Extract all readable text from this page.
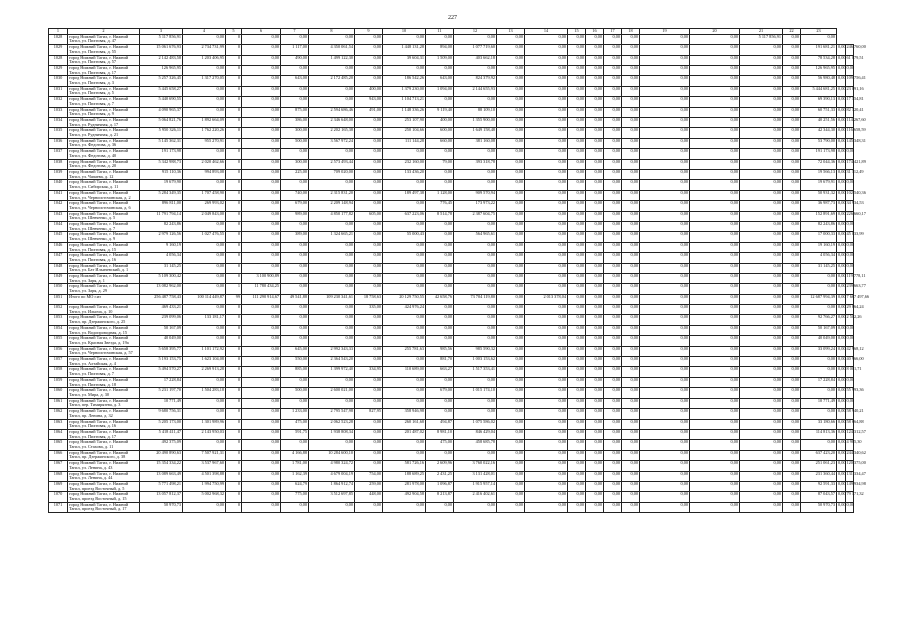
227
1	2	3	4	5	6	7	8	9	10	11	12	13	14	15	16	17	18	19	20	21	22	23		
1028	город Нижний Тагил, г. Нижний Тагил, ул. Пихтовая, д. 47	5 117 856,91	0,00	0	0,00	0,00	0,00	0,00	0,00	0,00	0,00	0,00	0,00	0,00	0,00	0,00	0,00	0,00	0,00	5 117 856,91	0,00	0,00		
1029	город Нижний Тагил, г. Нижний Тагил, ул. Пихтовая, д. 55	15 061 676,93	2 734 731,99	0	0,00	1 117,00	4 350 061,54	0,00	1 448 131,28	894,00	1 077 719,60	0,00	0,00	0,00	0,00	0,00	0,00	0,00	0,00	0,00	0,00	191 681,21	0,00	246 760,00
1028	город Нижний Тагил, г. Нижний Тагил, ул. Пихтовая, д. 57	2 142 483,58	1 203 406,95	0	0,00	490,00	1 499 122,30	0,00	39 604,31	1 509,00	403 662,18	0,00	0,00	0,00	0,00	0,00	0,00	0,00	0,00	0,00	0,00	78 534,28	0,00	61 079,51
1029	город Нижний Тагил, г. Нижний Тагил, ул. Пихтовая, д. 17	126 965,95	0,00	0	0,00	0,00	0,00	0,00	0,00	0,00	0,00	0,00	0,00	0,00	0,00	0,00	0,00	0,00	0,00	0,00	0,00	126 965,95	0,00	0,00
1030	город Нижний Тагил, г. Нижний Тагил, ул. Пихтовая, д. 3	5 257 326,45	1 317 270,05	0	0,00	643,00	2 172 485,20	0,00	186 542,26	643,00	824 379,92	0,00	0,00	0,00	0,00	0,00	0,00	0,00	0,00	0,00	0,00	56 980,48	0,00	109 756,41
1031	город Нижний Тагил, г. Нижний Тагил, ул. Пихтовая, д. 5	5 445 658,27	0,00	0	0,00	0,00	0,00	400,00	1 379 230,00	1 094,00	2 144 655,93	0,00	0,00	0,00	0,00	0,00	0,00	0,00	0,00	0,00	0,00	5 444 681,25	0,00	23 091,16
1032	город Нижний Тагил, г. Нижний Тагил, ул. Пихтовая, д. 7	5 440 690,55	0,00	0	0,00	0,00	0,00	943,00	1 104 713,21	0,00	0,00	0,00	0,00	0,00	0,00	0,00	0,00	0,00	0,00	0,00	0,00	69 390,13	0,00	17 154,81
1033	город Нижний Тагил, г. Нижний Тагил, ул. Пихтовая, д. 9	4 090 965,37	0,00	0	0,00	875,00	2 594 686,46	491,00	1 148 336,26	9 119,40	88 109,10	0,00	0,00	0,00	0,00	0,00	0,00	0,00	0,00	0,00	0,00	60 751,33	0,00	82 120,41
1034	город Нижний Тагил, г. Нижний Тагил, ул. Рудничная, д. 17	5 064 821,76	1 892 664,09	0	0,00	386,00	2 346 648,00	0,00	253 107,90	400,00	1 355 900,00	0,00	0,00	0,00	0,00	0,00	0,00	0,00	0,00	0,00	0,00	40 251,56	0,00	114 267,60
1035	город Нижний Тагил, г. Нижний Тагил, ул. Рудничная, д. 21	5 950 326,11	1 762 220,26	0	0,00	300,00	2 202 165,38	0,00	250 104,66	600,00	1 649 158,48	0,00	0,00	0,00	0,00	0,00	0,00	0,00	0,00	0,00	0,00	42 344,30	0,00	116 658,59
1036	город Нижний Тагил, г. Нижний Тагил, ул. Федотова, д. 36	5 145 362,31	955 270,91	0	0,00	500,00	3 567 972,24	0,00	111 144,28	660,00	381 160,08	0,00	0,00	0,00	0,00	0,00	0,00	0,00	0,00	0,00	0,00	53 790,00	0,00	145 348,31
1037	город Нижний Тагил, г. Нижний Тагил, ул. Федотова, д. 40	191 173,98	0,00	0	0,00	0,00	0,00	0,00	0,00	0,00	0,00	0,00	0,00	0,00	0,00	0,00	0,00	0,00	0,00	0,00	0,00	191 173,98	0,00	0,00
1038	город Нижний Тагил, г. Нижний Тагил, ул. Федотова, д. 20	5 342 988,73	2 020 462,66	0	0,00	300,00	2 573 493,44	0,00	232 160,00	79,00	393 318,78	0,00	0,00	0,00	0,00	0,00	0,00	0,00	0,00	0,00	0,00	72 044,36	0,00	174 421,89
1039	город Нижний Тагил, г. Нижний Тагил, ул. Чапаева, д. 12	915 110,36	994 893,08	0	0,00	225,00	709 020,00	0,00	133 436,20	0,00	0,00	0,00	0,00	0,00	0,00	0,00	0,00	0,00	0,00	0,00	0,00	19 566,13	0,00	31 112,49
1040	город Нижний Тагил, г. Нижний Тагил, ул. Сибирская, д. 11	19 679,90	0,00	0	0,00	0,00	0,00	0,00	0,00	0,00	0,00	0,00	0,00	0,00	0,00	0,00	0,00	0,00	0,00	0,00	0,00	19 679,91	0,00	0,00
1041	город Нижний Тагил, г. Нижний Тагил, ул. Черноисточинская, д. 2	5 284 349,35	1 707 458,90	0	0,00	740,00	2 315 831,20	0,00	189 497,38	1 128,00	909 570,94	0,00	0,00	0,00	0,00	0,00	0,00	0,00	0,00	0,00	0,00	50 931,32	0,00	102 540,36
1042	город Нижний Тагил, г. Нижний Тагил, ул. Черноисточинская, д. 6	896 811,00	269 993,02	0	0,00	679,00	2 209 148,94	0,00	0,00	776,45	173 973,22	0,00	0,00	0,00	0,00	0,00	0,00	0,00	0,00	0,00	0,00	36 987,73	0,00	34 934,53
1043	город Нижний Тагил, г. Нижний Тагил, ул. Шевченко, д. 5	11 791 794,14	2 049 843,00	0	0,00	989,00	4 850 177,82	605,00	637 223,06	8 514,78	2 387 604,75	0,00	0,00	0,00	0,00	0,00	0,00	0,00	0,00	0,00	0,00	152 891,69	0,00	226 660,17
1044	город Нижний Тагил, г. Нижний Тагил, ул. Шевченко, д. 7	82 243,86	0,00	0	0,00	0,00	0,00	0,00	0,00	0,00	0,00	0,00	0,00	0,00	0,00	0,00	0,00	0,00	0,00	0,00	0,00	82 243,86	0,00	0,00
1045	город Нижний Тагил, г. Нижний Тагил, ул. Шевченко, д. 9	2 979 126,56	1 027 476,55	0	0,00	389,00	1 324 665,21	0,00	55 000,43	0,00	564 965,61	0,00	0,00	0,00	0,00	0,00	0,00	0,00	0,00	0,00	0,00	17 000,33	0,00	45 033,99
1046	город Нижний Тагил, г. Нижний Тагил, ул. Пихтовая, д. 15	9 160,19	0,00	0	0,00	0,00	0,00	0,00	0,00	0,00	0,00	0,00	0,00	0,00	0,00	0,00	0,00	0,00	0,00	0,00	0,00	19 160,19	0,00	0,00
1047	город Нижний Тагил, г. Нижний Тагил, ул. Пихтовая, д. 16	4 056,34	0,00	0	0,00	0,00	0,00	0,00	0,00	0,00	0,00	0,00	0,00	0,00	0,00	0,00	0,00	0,00	0,00	0,00	0,00	4 056,34	0,00	0,00
1048	город Нижний Тагил, г. Нижний Тагил, ул. Бaт Ильичевский, д. 1	31 145,25	0,00	0	0,00	0,00	0,00	0,00	0,00	0,00	0,00	0,00	0,00	0,00	0,00	0,00	0,00	0,00	0,00	0,00	0,00	31 145,25	0,00	0,00
1049	город Нижний Тагил, г. Нижний Тагил, ул. Заря, д. 1	5 109 300,42	0,00	0	3 100 900,89	0,00	0,00	0,00	0,00	0,00	0,00	0,00	0,00	0,00	0,00	0,00	0,00	0,00	0,00	0,00	0,00	0,00	0,00	119 778,11
1050	город Нижний Тагил, г. Нижний Тагил, ул. Заря, д. 29	13 082 962,00	0,00	1	11 780 434,25	0,00	0,00	0,00	0,00	0,00	0,00	0,00	0,00	0,00	0,00	0,00	0,00	0,00	0,00	0,00	0,00	0,00	0,00	239 663,77
1051	Итого по МО г.из	256 487 758,43	100 114 449,87	99	111 290 914,67	49 541,88	109 230 341,61	18 758,63	20 129 750,55	42 658,76	73 704 119,80	0,00	2 013 378,04	0,00	0,00	0,00	0,00	0,00	0,00	0,00	0,00	12 687 994,39	0,00	7 667 497,66
1052	город Нижний Тагил, г. Нижний Тагил, ул. Ильича, д. 10	469 433,21	0,00	0	0,00	0,00	0,00	335,00	424 976,24	0,00	0,00	0,00	0,00	0,00	0,00	0,00	0,00	0,00	0,00	0,00	0,00	0,00	0,00	29 864,24
1053	город Нижний Тагил, г. Нижний Тагил, пр. Дзержинского, д. 25	239 099,06	133 181,17	0	0,00	0,00	0,00	0,00	0,00	0,00	0,00	0,00	0,00	0,00	0,00	0,00	0,00	0,00	0,00	0,00	0,00	92 766,27	0,00	2 502,26
1054	город Нижний Тагил, г. Нижний Тагил, ул. Водопроводная, д. 15	50 167,09	0,00	0	0,00	0,00	0,00	0,00	0,00	0,00	0,00	0,00	0,00	0,00	0,00	0,00	0,00	0,00	0,00	0,00	0,00	50 167,09	0,00	0,00
1055	город Нижний Тагил, г. Нижний Тагил, ул. Красная Звезда, д. 19а	40 049,00	0,00	0	0,00	0,00	0,00	0,00	0,00	0,00	0,00	0,00	0,00	0,00	0,00	0,00	0,00	0,00	0,00	0,00	0,00	40 049,00	0,00	0,00
1056	город Нижний Тагил, г. Нижний Тагил, ул. Черноисточинская, д. 57	5 658 395,77	1 101 172,92	0	0,00	645,00	2 992 343,33	0,00	255 781,63	985,56	985 590,32	0,00	0,00	0,00	0,00	0,00	0,00	0,00	0,00	0,00	0,00	33 099,24	0,00	42 968,12
1057	город Нижний Тагил, г. Нижний Тагил, ул. Алтайская, д. 4	5 193 153,75	1 623 104,08	0	0,00	550,00	2 364 543,20	0,00	0,00	881,70	1 003 153,62	0,00	0,00	0,00	0,00	0,00	0,00	0,00	0,00	0,00	0,00	0,00	0,00	40 966,00
1058	город Нижний Тагил, г. Нижний Тагил, ул. Пихтовая, д. 7	5 494 570,27	2 269 913,28	0	0,00	885,00	1 399 972,40	334,95	110 689,00	663,27	1 517 353,41	0,00	0,00	0,00	0,00	0,00	0,00	0,00	0,00	0,00	0,00	0,00	0,00	8 001,71
1059	город Нижний Тагил, г. Нижний Тагил, ул. Пихтовая, д. 18	17 228,84	0,00	0	0,00	0,00	0,00	0,00	0,00	0,00	0,00	0,00	0,00	0,00	0,00	0,00	0,00	0,00	0,00	0,00	0,00	17 228,84	0,00	0,00
1060	город Нижний Тагил, г. Нижний Тагил, ул. Мира, д. 30	5 231 197,70	1 504 283,18	0	0,00	500,00	2 600 021,00	0,00	0,00	679,00	1 015 174,10	0,00	0,00	0,00	0,00	0,00	0,00	0,00	0,00	0,00	0,00	0,00	0,00	55 993,36
1061	город Нижний Тагил, г. Нижний Тагил, пер. Тимирязева, д. 3	10 771,49	0,00	0	0,00	0,00	0,00	0,00	0,00	0,00	0,00	0,00	0,00	0,00	0,00	0,00	0,00	0,00	0,00	0,00	0,00	10 771,49	0,00	0,00
1062	город Нижний Тагил, г. Нижний Тагил, пр. Ленина, д. 32	9 680 756,31	0,00	0	0,00	1 233,00	2 795 547,98	827,95	358 946,98	0,00	0,00	0,00	0,00	0,00	0,00	0,00	0,00	0,00	0,00	0,00	0,00	0,00	0,00	58 940,21
1063	город Нижний Тагил, г. Нижний Тагил, ул. Пихтовая, д. 16	5 205 173,00	1 301 989,96	0	0,00	475,00	2 062 523,28	0,00	260 161,68	494,87	1 075 586,02	0,00	0,00	0,00	0,00	0,00	0,00	0,00	0,00	0,00	0,00	33 180,66	0,00	58 664,88
1064	город Нижний Тагил, г. Нижний Тагил, ул. Пихтовая, д. 17	5 418 411,47	2 143 950,03	0	0,00	591,75	1 938 808,34	0,00	201 487,02	8 981,10	846 429,04	0,00	0,00	0,00	0,00	0,00	0,00	0,00	0,00	0,00	0,00	114 813,36	0,00	124 312,57
1065	город Нижний Тагил, г. Нижний Тагил, ул. Стахова, д. 11	492 375,09	0,00	0	0,00	0,00	0,00	0,00	0,00	475,00	458 685,78	0,00	0,00	0,00	0,00	0,00	0,00	0,00	0,00	0,00	0,00	0,00	0,00	4 985,30
1066	город Нижний Тагил, г. Нижний Тагил, пр. Дзержинского, д. 38	20 490 890,63	7 507 921,31	0	0,00	4 166,88	10 284 600,10	0,00	0,00	0,00	0,00	0,00	0,00	0,00	0,00	0,00	0,00	0,00	0,00	0,00	0,00	637 423,20	0,00	244 340,62
1067	город Нижний Тагил, г. Нижний Тагил, ул. Ленина, д. 43	15 354 334,22	3 537 967,60	0	0,00	1 781,00	4 980 324,72	0,00	581 726,16	2 609,96	3 760 022,16	0,00	0,00	0,00	0,00	0,00	0,00	0,00	0,00	0,00	0,00	251 061,23	0,00	120 375,00
1068	город Нижний Тагил, г. Нижний Тагил, ул. Ленина, д. 44	13 089 663,49	4 501 398,88	0	0,00	1 162,39	4 679 004,19	754,00	188 689,25	2 431,25	3 131 428,01	0,00	0,00	0,00	0,00	0,00	0,00	0,00	0,00	0,00	0,00	231 360,44	0,00	131 334,47
1069	город Нижний Тагил, г. Нижний Тагил, проезд Восточный, д. 5	5 771 498,21	1 994 750,99	0	0,00	624,79	1 864 912,74	259,00	281 978,00	1 096,87	1 915 957,14	0,00	0,00	0,00	0,00	0,00	0,00	0,00	0,00	0,00	0,00	92 591,33	0,00	149 934,98
1070	город Нижний Тагил, г. Нижний Тагил, проезд Восточный, д. 15	13 057 812,37	5 002 968,32	0	0,00	775,00	3 512 697,85	448,00	492 904,58	8 213,87	2 416 402,61	0,00	0,00	0,00	0,00	0,00	0,00	0,00	0,00	0,00	0,00	87 043,57	0,00	79 171,32
1071	город Нижний Тагил, г. Нижний Тагил, проезд Восточный, д. 17	50 970,73	0,00	0	0,00	0,00	0,00	0,00	0,00	0,00	0,00	0,00	0,00	0,00	0,00	0,00	0,00	0,00	0,00	0,00	0,00	50 970,73	0,00	0,00
